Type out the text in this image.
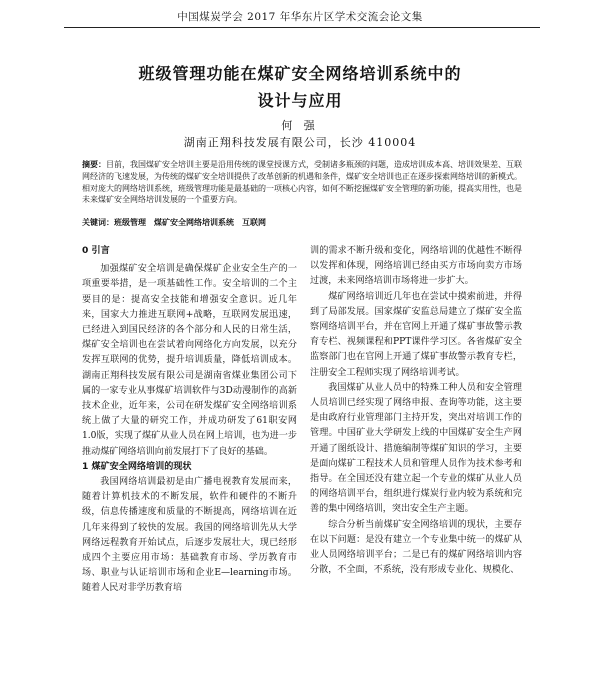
中国煤炭学会 2017 年华东片区学术交流会论文集
班级管理功能在煤矿安全网络培训系统中的
设计与应用
何 强
湖南正翔科技发展有限公司，长沙 410004
摘要：目前，我国煤矿安全培训主要是沿用传统的课堂授课方式，受制诸多瓶颈的问题，造成培训成本高、培训效果差、互联网经济的飞速发展，为传统的煤矿安全培训提供了改革创新的机遇和条件，煤矿安全培训也正在逐步探索网络培训的新模式。相对庞大的网络培训系统，班级管理功能是最基础的一项核心内容，如何不断挖掘煤矿安全管理的新功能，提高实用性，也是未来煤矿安全网络培训发展的一个重要方向。
关键词：班级管理　煤矿安全网络培训系统　互联网

0 引言

加强煤矿安全培训是确保煤矿企业安全生产的一项重要举措，是一项基础性工作。安全培训的二个主要目的是：提高安全技能和增强安全意识。近几年来，国家大力推进互联网+战略，互联网发展迅速，已经进入到国民经济的各个部分和人民的日常生活，煤矿安全培训也在尝试着向网络化方向发展，以充分发挥互联网的优势，提升培训质量，降低培训成本。湖南正翔科技发展有限公司是湖南省煤业集团公司下属的一家专业从事煤矿培训软件与3D动漫制作的高新技术企业，近年来，公司在研发煤矿安全网络培训系统上做了大量的研究工作，并成功研发了61职安网1.0版，实现了煤矿从业人员在网上培训，也为进一步推动煤矿网络培训向前发展打下了良好的基础。

1 煤矿安全网络培训的现状

我国网络培训最初是由广播电视教育发展而来，随着计算机技术的不断发展，软件和硬件的不断升级，信息传播速度和质量的不断提高，网络培训在近几年来得到了较快的发展。我国的网络培训先从大学网络远程教育开始试点，后逐步发展壮大，现已经形成四个主要应用市场：基础教育市场、学历教育市场、职业与认证培训市场和企业E—learning市场。随着人民对非学历教育培

训的需求不断升级和变化，网络培训的优越性不断得以发挥和体现，网络培训已经由买方市场向卖方市场过渡，未来网络培训市场将进一步扩大。

煤矿网络培训近几年也在尝试中摸索前进，并得到了局部发展。国家煤矿安监总局建立了煤矿安全监察网络培训平台，并在官网上开通了煤矿事故警示教育专栏、视频课程和PPT课件学习区。各省煤矿安全监察部门也在官网上开通了煤矿事故警示教育专栏，注册安全工程师实现了网络培训考试。

我国煤矿从业人员中的特殊工种人员和安全管理人员培训已经实现了网络申报、查询等功能，这主要是由政府行业管理部门主持开发，突出对培训工作的管理。中国矿业大学研发上线的中国煤矿安全生产网开通了图纸设计、措施编制等煤矿知识的学习，主要是面向煤矿工程技术人员和管理人员作为技术参考和指导。在全国还没有建立起一个专业的煤矿从业人员的网络培训平台，组织进行煤炭行业内较为系统和完善的集中网络培训，突出安全生产主题。

综合分析当前煤矿安全网络培训的现状，主要存在以下问题：是没有建立一个专业集中统一的煤矿从业人员网络培训平台；二是已有的煤矿网络培训内容分散，不全面，不系统，没有形成专业化、规模化、
